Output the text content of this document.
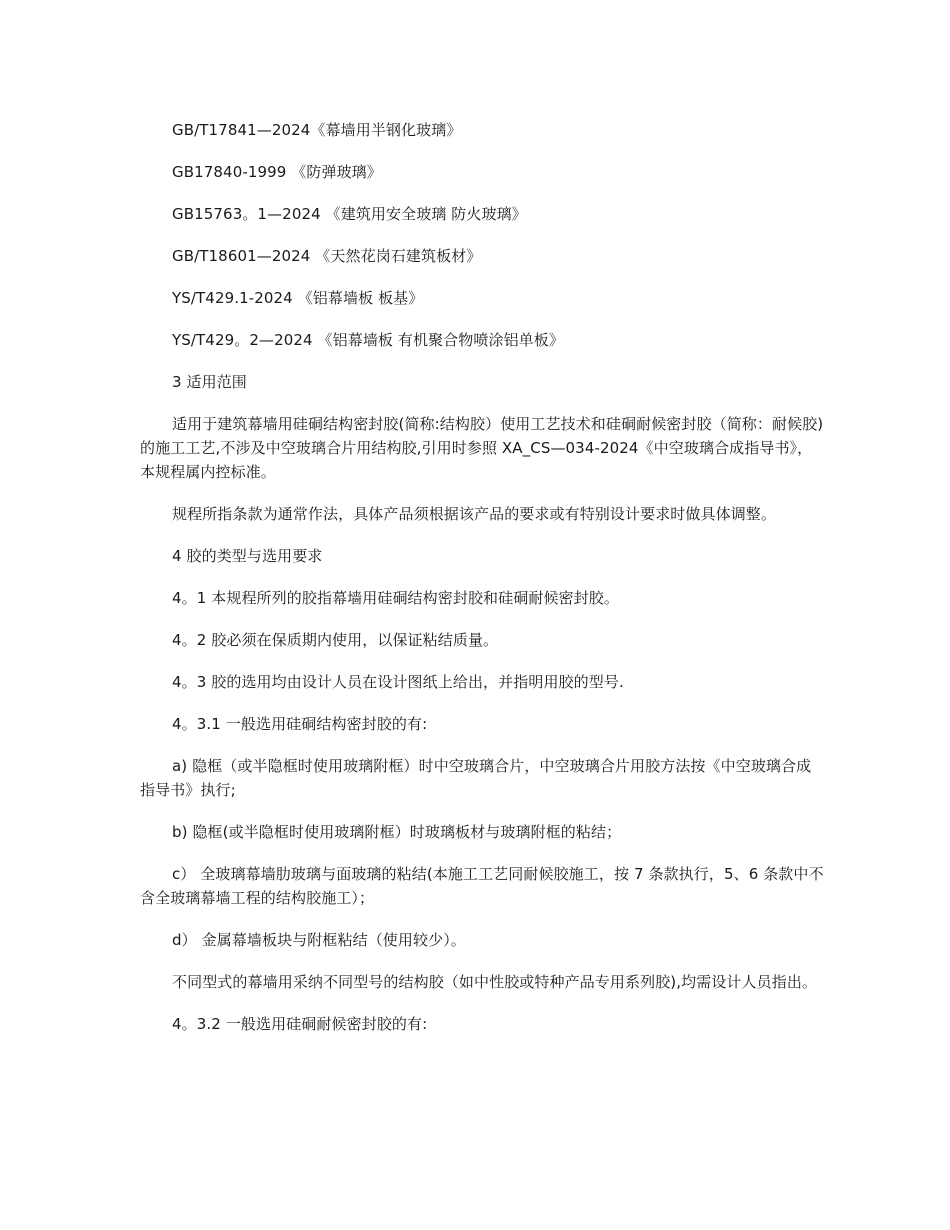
GB/T17841—2024《幕墙用半钢化玻璃》

GB17840-1999 《防弹玻璃》

GB15763。1—2024 《建筑用安全玻璃 防火玻璃》

GB/T18601—2024 《天然花岗石建筑板材》

YS/T429.1-2024 《铝幕墙板 板基》

YS/T429。2—2024 《铝幕墙板 有机聚合物喷涂铝单板》

3 适用范围

适用于建筑幕墙用硅硐结构密封胶(简称:结构胶）使用工艺技术和硅硐耐候密封胶（简称：耐候胶)的施工工艺,不涉及中空玻璃合片用结构胶,引用时参照 XA_CS—034-2024《中空玻璃合成指导书》，本规程属内控标准。

规程所指条款为通常作法，具体产品须根据该产品的要求或有特别设计要求时做具体调整。

4 胶的类型与选用要求

4。1 本规程所列的胶指幕墙用硅硐结构密封胶和硅硐耐候密封胶。

4。2 胶必须在保质期内使用，以保证粘结质量。

4。3 胶的选用均由设计人员在设计图纸上给出，并指明用胶的型号.

4。3.1 一般选用硅硐结构密封胶的有:

a) 隐框（或半隐框时使用玻璃附框）时中空玻璃合片，中空玻璃合片用胶方法按《中空玻璃合成指导书》执行;

b) 隐框(或半隐框时使用玻璃附框）时玻璃板材与玻璃附框的粘结；

c） 全玻璃幕墙肋玻璃与面玻璃的粘结(本施工工艺同耐候胶施工，按 7 条款执行，5、6 条款中不含全玻璃幕墙工程的结构胶施工）；

d） 金属幕墙板块与附框粘结（使用较少）。

不同型式的幕墙用采纳不同型号的结构胶（如中性胶或特种产品专用系列胶),均需设计人员指出。

4。3.2 一般选用硅硐耐候密封胶的有:
